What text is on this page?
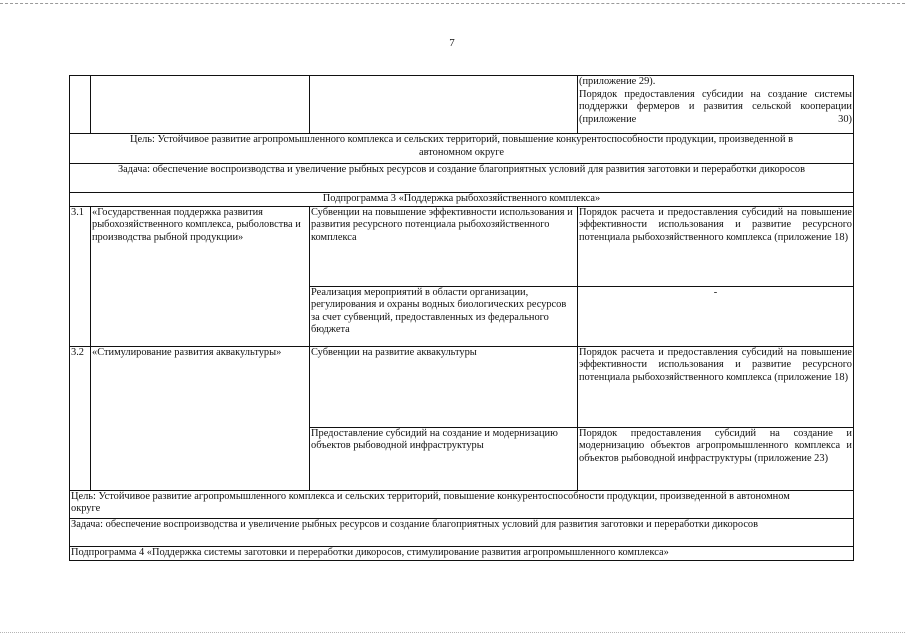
7

			(приложение 29).
Порядок предоставления субсидии на создание системы поддержки фермеров и развития сельской кооперации (приложение 30)

Цель: Устойчивое развитие агропромышленного комплекса и сельских территорий, повышение конкурентоспособности продукции, произведенной в автономном округе			
Задача: обеспечение воспроизводства и увеличение рыбных ресурсов и создание благоприятных условий для развития заготовки и переработки дикоросов			
Подпрограмма 3 «Поддержка рыбохозяйственного комплекса»			
3.1	«Государственная поддержка развития рыбохозяйственного комплекса, рыболовства и производства рыбной продукции»	Субвенции на повышение эффективности использования и развития ресурсного потенциала рыбохозяйственного комплекса	Порядок расчета и предоставления субсидий на повышение эффективности использования и развитие ресурсного потенциала рыбохозяйственного комплекса (приложение 18)
		Реализация мероприятий в области организации, регулирования и охраны водных биологических ресурсов за счет субвенций, предоставленных из федерального бюджета	-
3.2	«Стимулирование развития аквакультуры»	Субвенции на развитие аквакультуры	Порядок расчета и предоставления субсидий на повышение эффективности использования и развитие ресурсного потенциала рыбохозяйственного комплекса (приложение 18)
		Предоставление субсидий на создание и модернизацию объектов рыбоводной инфраструктуры	Порядок предоставления субсидий на создание и модернизацию объектов агропромышленного комплекса и объектов рыбоводной инфраструктуры (приложение 23)
Цель: Устойчивое развитие агропромышленного комплекса и сельских территорий, повышение конкурентоспособности продукции, произведенной в автономном округе			
Задача: обеспечение воспроизводства и увеличение рыбных ресурсов и создание благоприятных условий для развития заготовки и переработки дикоросов			
Подпрограмма 4 «Поддержка системы заготовки и переработки дикоросов, стимулирование развития агропромышленного комплекса»			
